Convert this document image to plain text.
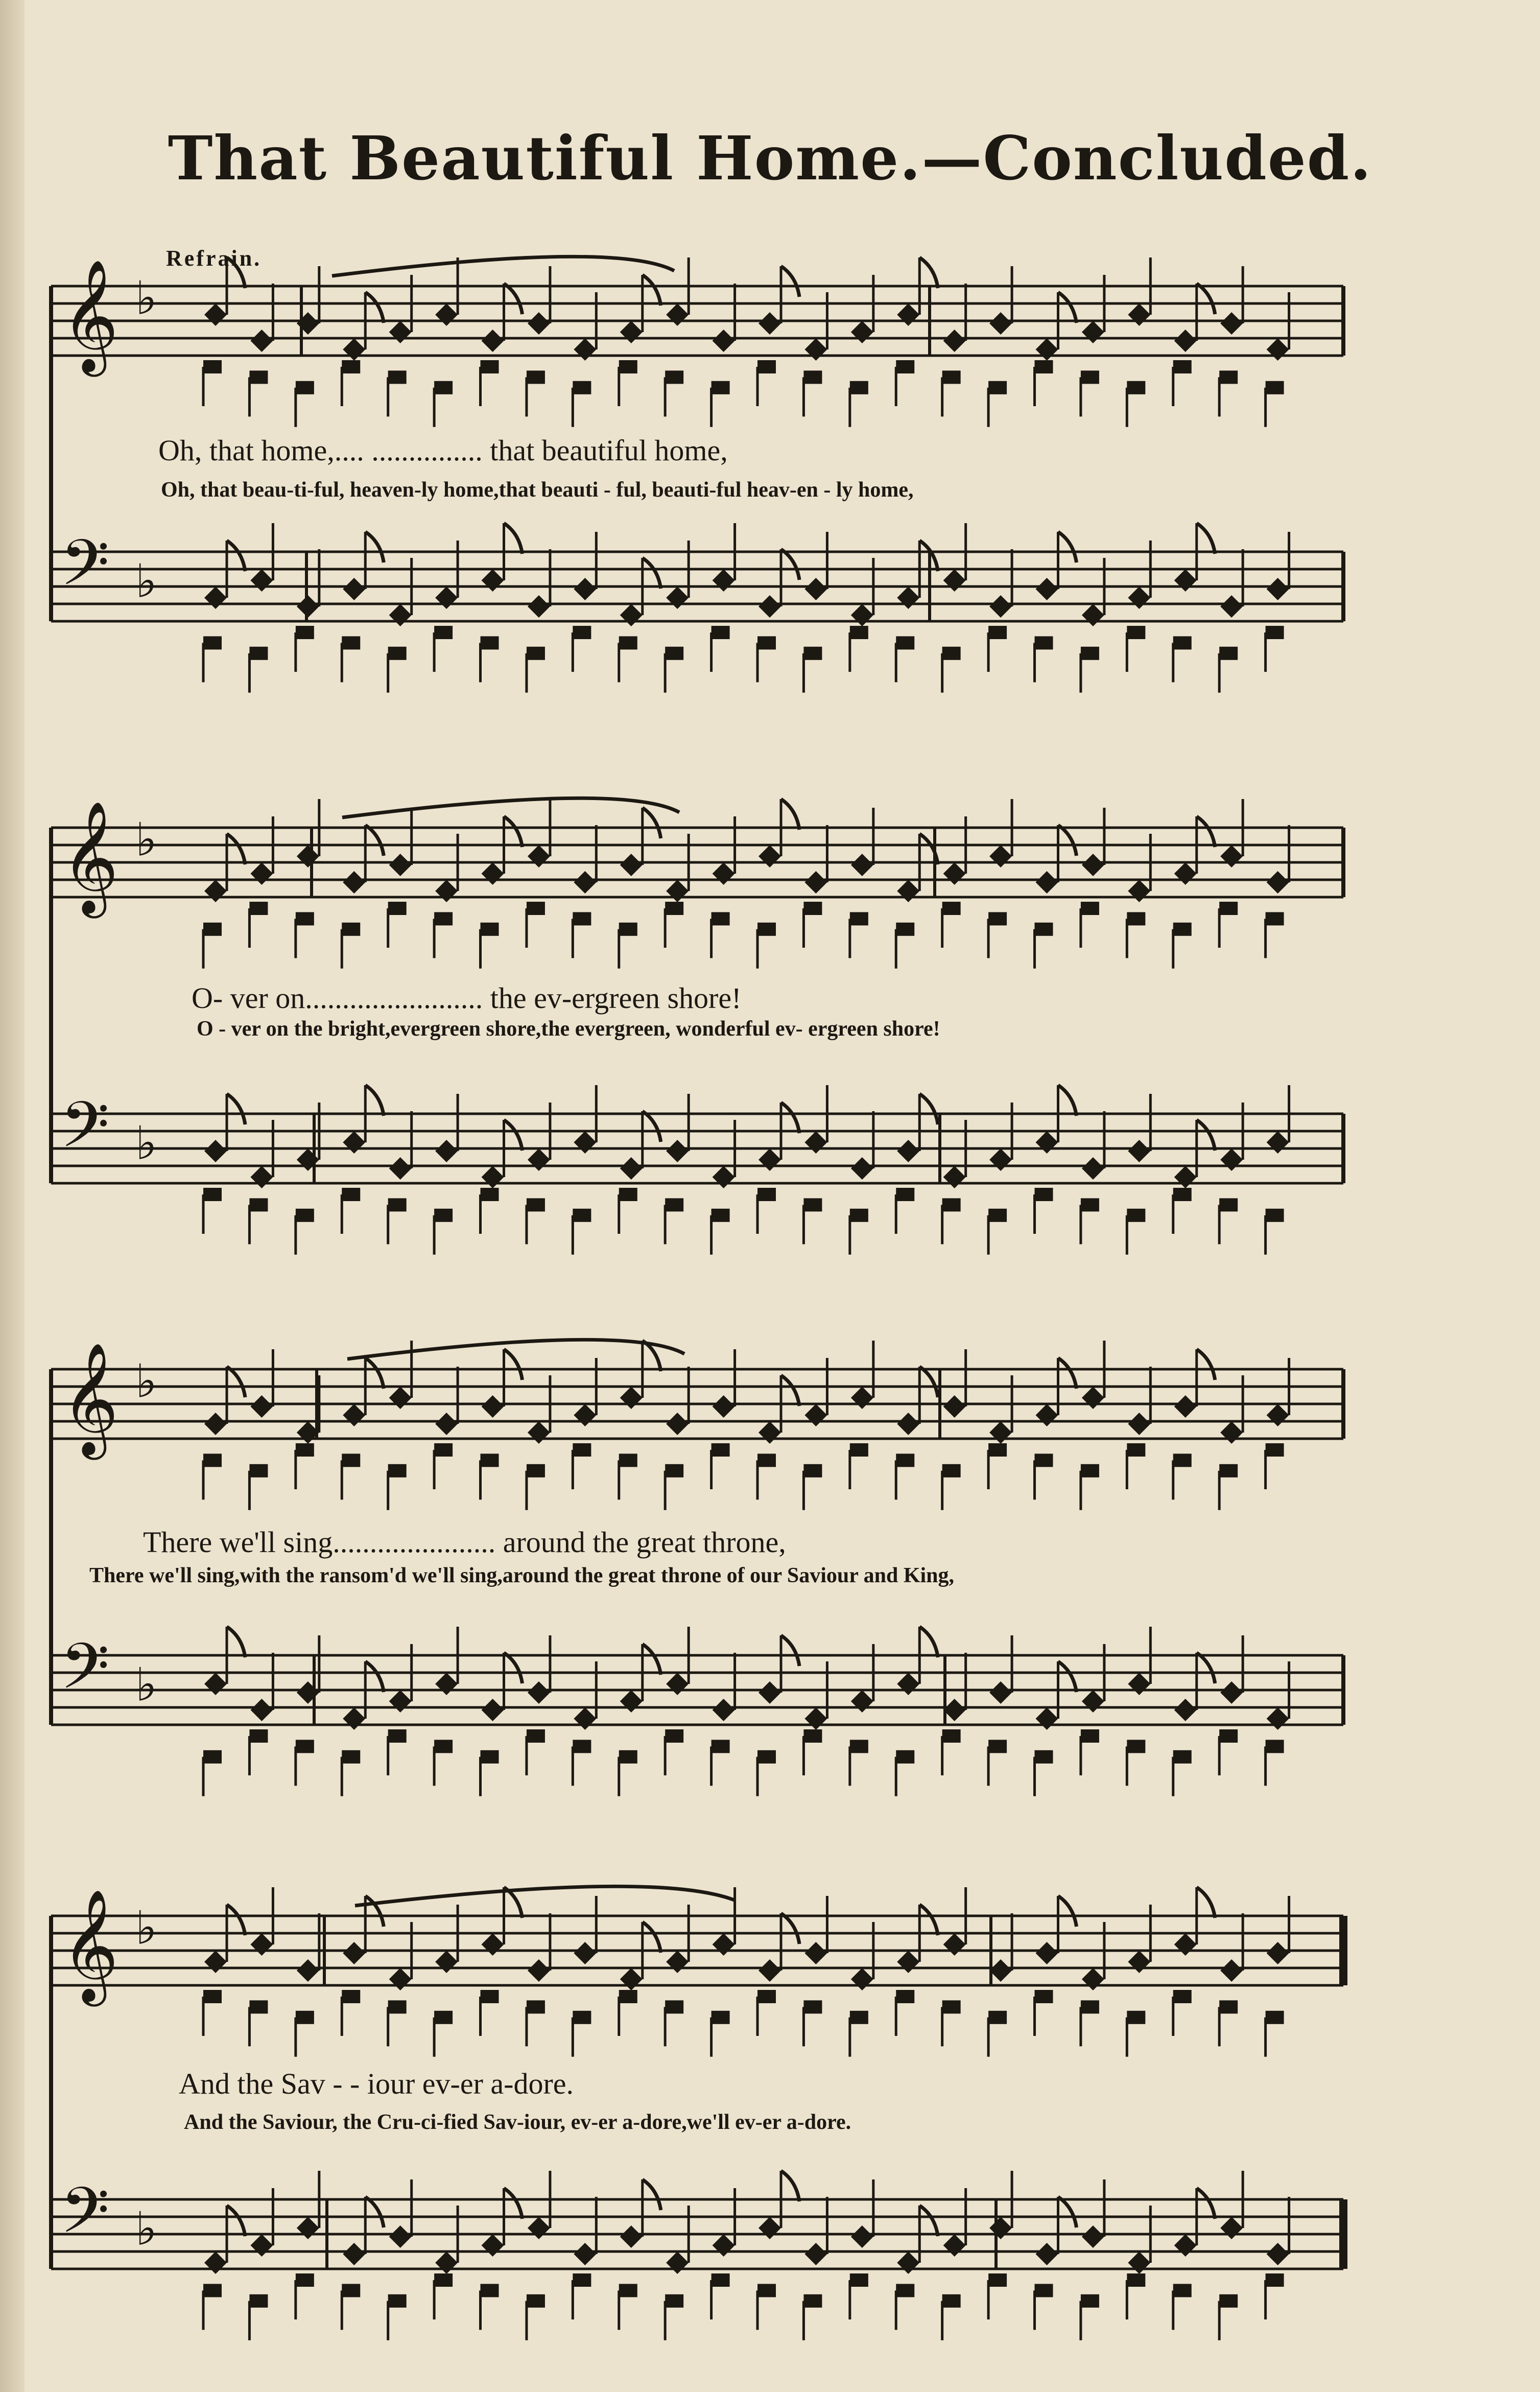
That Beautiful Home.—Concluded.
Refrain.
𝄞 ♭
𝄢 ♭
𝄞 ♭
𝄢 ♭
𝄞 ♭
𝄢 ♭
𝄞 ♭
𝄢 ♭
Oh, that home,.... ............... that beautiful home,
Oh, that beau-ti-ful, heaven-ly home,that beauti - ful, beauti-ful heav-en - ly home,
O- ver on........................ the ev-ergreen shore!
O - ver on the bright,evergreen shore,the evergreen, wonderful ev- ergreen shore!
There we'll sing...................... around the great throne,
There we'll sing,with the ransom'd we'll sing,around the great throne of our Saviour and King,
And the Sav - - iour ev-er a-dore.
And the Saviour, the Cru-ci-fied Sav-iour, ev-er a-dore,we'll ev-er a-dore.
